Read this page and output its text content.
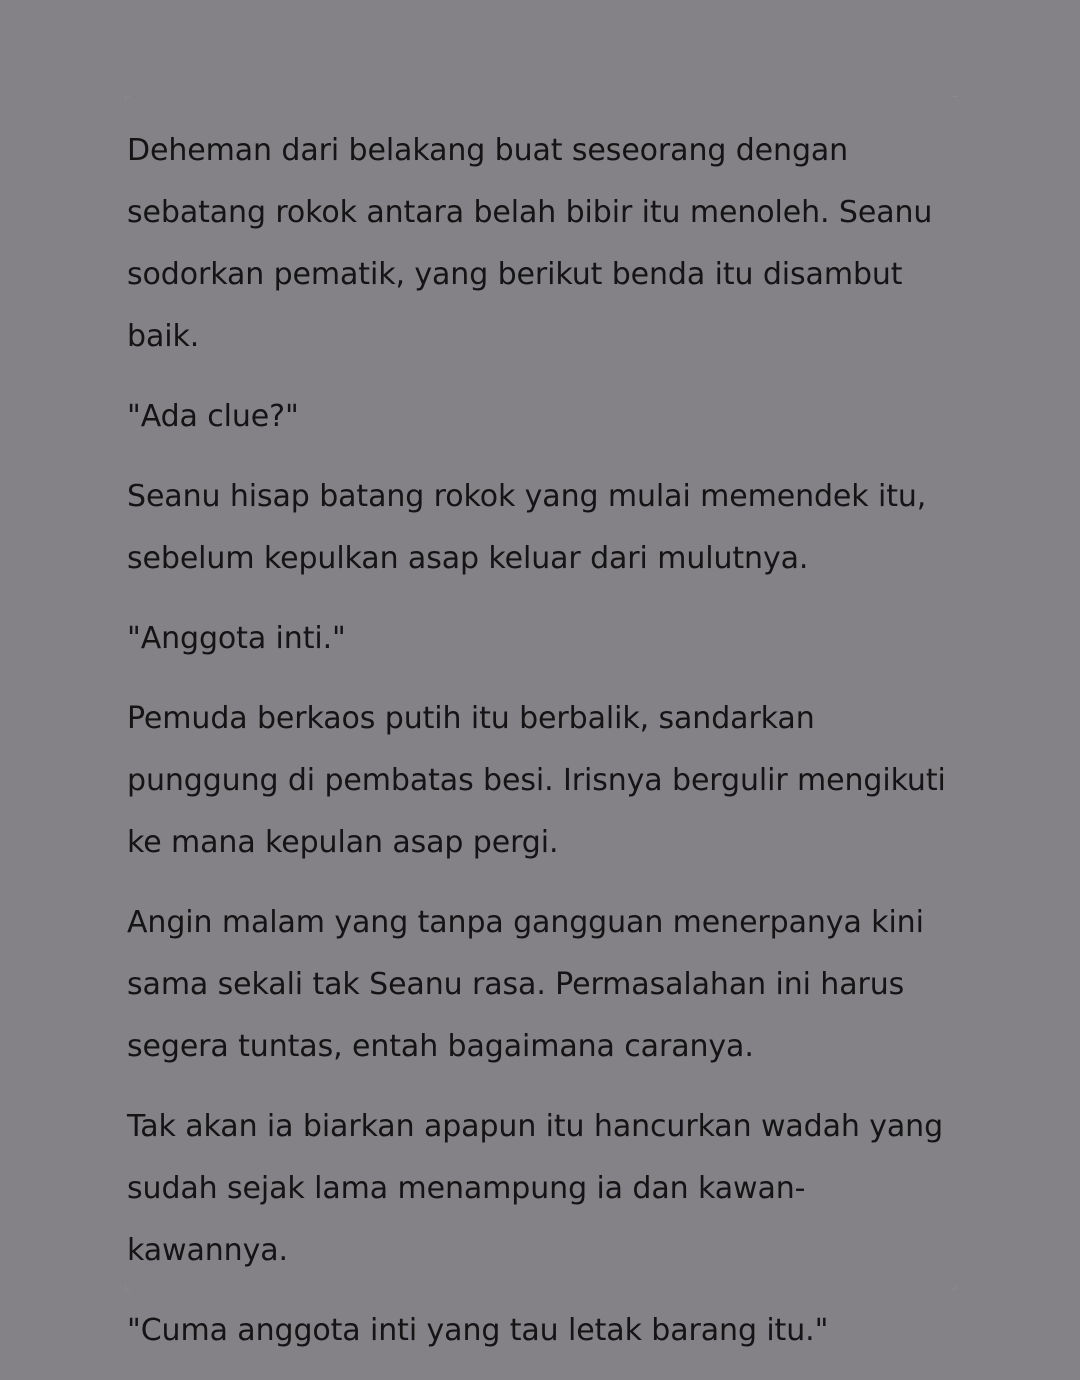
Deheman dari belakang buat seseorang dengan sebatang rokok antara belah bibir itu menoleh. Seanu sodorkan pematik, yang berikut benda itu disambut baik.

"Ada clue?"

Seanu hisap batang rokok yang mulai memendek itu, sebelum kepulkan asap keluar dari mulutnya.

"Anggota inti."

Pemuda berkaos putih itu berbalik, sandarkan punggung di pembatas besi. Irisnya bergulir mengikuti ke mana kepulan asap pergi.

Angin malam yang tanpa gangguan menerpanya kini sama sekali tak Seanu rasa. Permasalahan ini harus segera tuntas, entah bagaimana caranya.

Tak akan ia biarkan apapun itu hancurkan wadah yang sudah sejak lama menampung ia dan kawan-kawannya.

"Cuma anggota inti yang tau letak barang itu."
